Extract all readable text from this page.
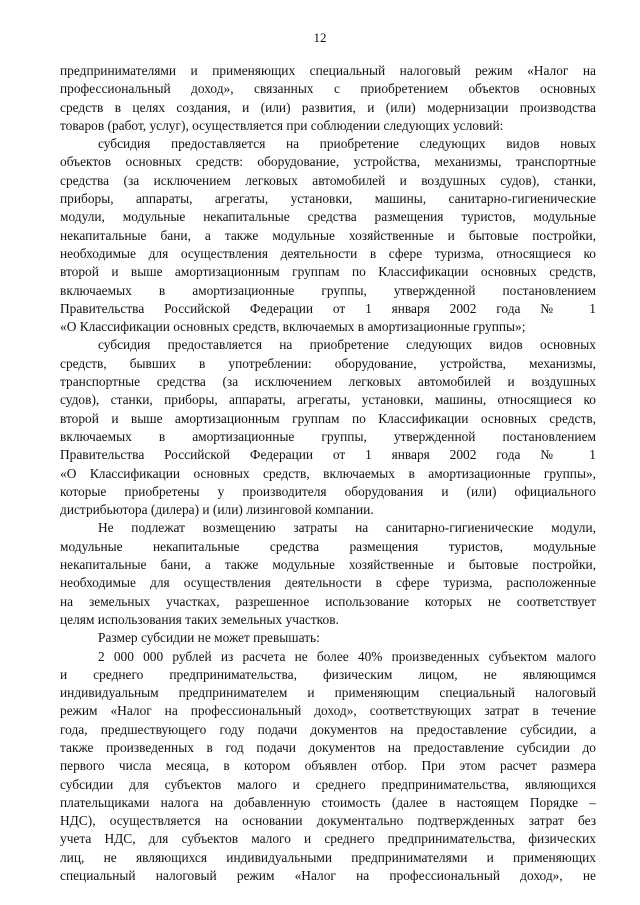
12

предпринимателями и применяющих специальный налоговый режим «Налог на
профессиональный доход», связанных с приобретением объектов основных
средств в целях создания, и (или) развития, и (или) модернизации производства
товаров (работ, услуг), осуществляется при соблюдении следующих условий:

субсидия предоставляется на приобретение следующих видов новых
объектов основных средств: оборудование, устройства, механизмы, транспортные
средства (за исключением легковых автомобилей и воздушных судов), станки,
приборы, аппараты, агрегаты, установки, машины, санитарно-гигиенические
модули, модульные некапитальные средства размещения туристов, модульные
некапитальные бани, а также модульные хозяйственные и бытовые постройки,
необходимые для осуществления деятельности в сфере туризма, относящиеся ко
второй и выше амортизационным группам по Классификации основных средств,
включаемых в амортизационные группы, утвержденной постановлением
Правительства Российской Федерации от 1 января 2002 года № 1
«О Классификации основных средств, включаемых в амортизационные группы»;

субсидия предоставляется на приобретение следующих видов основных
средств, бывших в употреблении: оборудование, устройства, механизмы,
транспортные средства (за исключением легковых автомобилей и воздушных
судов), станки, приборы, аппараты, агрегаты, установки, машины, относящиеся ко
второй и выше амортизационным группам по Классификации основных средств,
включаемых в амортизационные группы, утвержденной постановлением
Правительства Российской Федерации от 1 января 2002 года № 1
«О Классификации основных средств, включаемых в амортизационные группы»,
которые приобретены у производителя оборудования и (или) официального
дистрибьютора (дилера) и (или) лизинговой компании.

Не подлежат возмещению затраты на санитарно-гигиенические модули,
модульные некапитальные средства размещения туристов, модульные
некапитальные бани, а также модульные хозяйственные и бытовые постройки,
необходимые для осуществления деятельности в сфере туризма, расположенные
на земельных участках, разрешенное использование которых не соответствует
целям использования таких земельных участков.

Размер субсидии не может превышать:

2 000 000 рублей из расчета не более 40% произведенных субъектом малого
и среднего предпринимательства, физическим лицом, не являющимся
индивидуальным предпринимателем и применяющим специальный налоговый
режим «Налог на профессиональный доход», соответствующих затрат в течение
года, предшествующего году подачи документов на предоставление субсидии, а
также произведенных в год подачи документов на предоставление субсидии до
первого числа месяца, в котором объявлен отбор. При этом расчет размера
субсидии для субъектов малого и среднего предпринимательства, являющихся
плательщиками налога на добавленную стоимость (далее в настоящем Порядке –
НДС), осуществляется на основании документально подтвержденных затрат без
учета НДС, для субъектов малого и среднего предпринимательства, физических
лиц, не являющихся индивидуальными предпринимателями и применяющих
специальный налоговый режим «Налог на профессиональный доход», не
